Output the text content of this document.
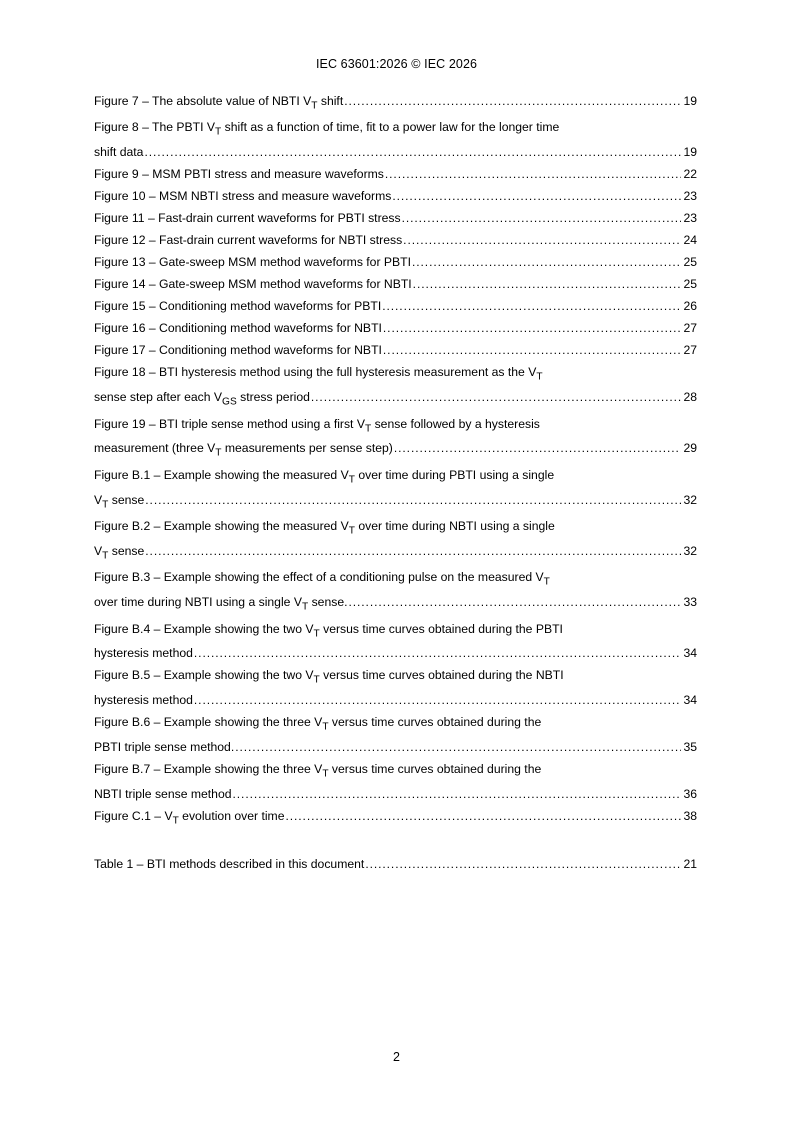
IEC 63601:2026 © IEC 2026
Figure 7 – The absolute value of NBTI $V_T$ shift . . .	19
Figure 8 – The PBTI $V_T$ shift as a function of time, fit to a power law for the longer time
shift data . . .	19
Figure 9 – MSM PBTI stress and measure waveforms . . .	22
Figure 10 – MSM NBTI stress and measure waveforms . . .	23
Figure 11 – Fast-drain current waveforms for PBTI stress . . .	23
Figure 12 – Fast-drain current waveforms for NBTI stress . . .	24
Figure 13 – Gate-sweep MSM method waveforms for PBTI . . .	25
Figure 14 – Gate-sweep MSM method waveforms for NBTI . . .	25
Figure 15 – Conditioning method waveforms for PBTI . . .	26
Figure 16 – Conditioning method waveforms for NBTI . . .	27
Figure 17 – Conditioning method waveforms for NBTI . . .	27
Figure 18 – BTI hysteresis method using the full hysteresis measurement as the $V_T$
sense step after each $V_{GS}$ stress period . . .	28
Figure 19 – BTI triple sense method using a first $V_T$ sense followed by a hysteresis
measurement (three $V_T$ measurements per sense step) . . .	29
Figure B.1 – Example showing the measured $V_T$ over time during PBTI using a single
$V_T$ sense . . .	32
Figure B.2 – Example showing the measured $V_T$ over time during NBTI using a single
$V_T$ sense . . .	32
Figure B.3 – Example showing the effect of a conditioning pulse on the measured $V_T$
over time during NBTI using a single $V_T$ sense. . . .	33
Figure B.4 – Example showing the two $V_T$ versus time curves obtained during the PBTI
hysteresis method . . .	34
Figure B.5 – Example showing the two $V_T$ versus time curves obtained during the NBTI
hysteresis method . . .	34
Figure B.6 – Example showing the three $V_T$ versus time curves obtained during the
PBTI triple sense method. . . .	35
Figure B.7 – Example showing the three $V_T$ versus time curves obtained during the
NBTI triple sense method . . .	36
Figure $C.1 - V_T$ evolution over time . . .	38
Table 1 – BTI methods described in this document . . .	21
2
